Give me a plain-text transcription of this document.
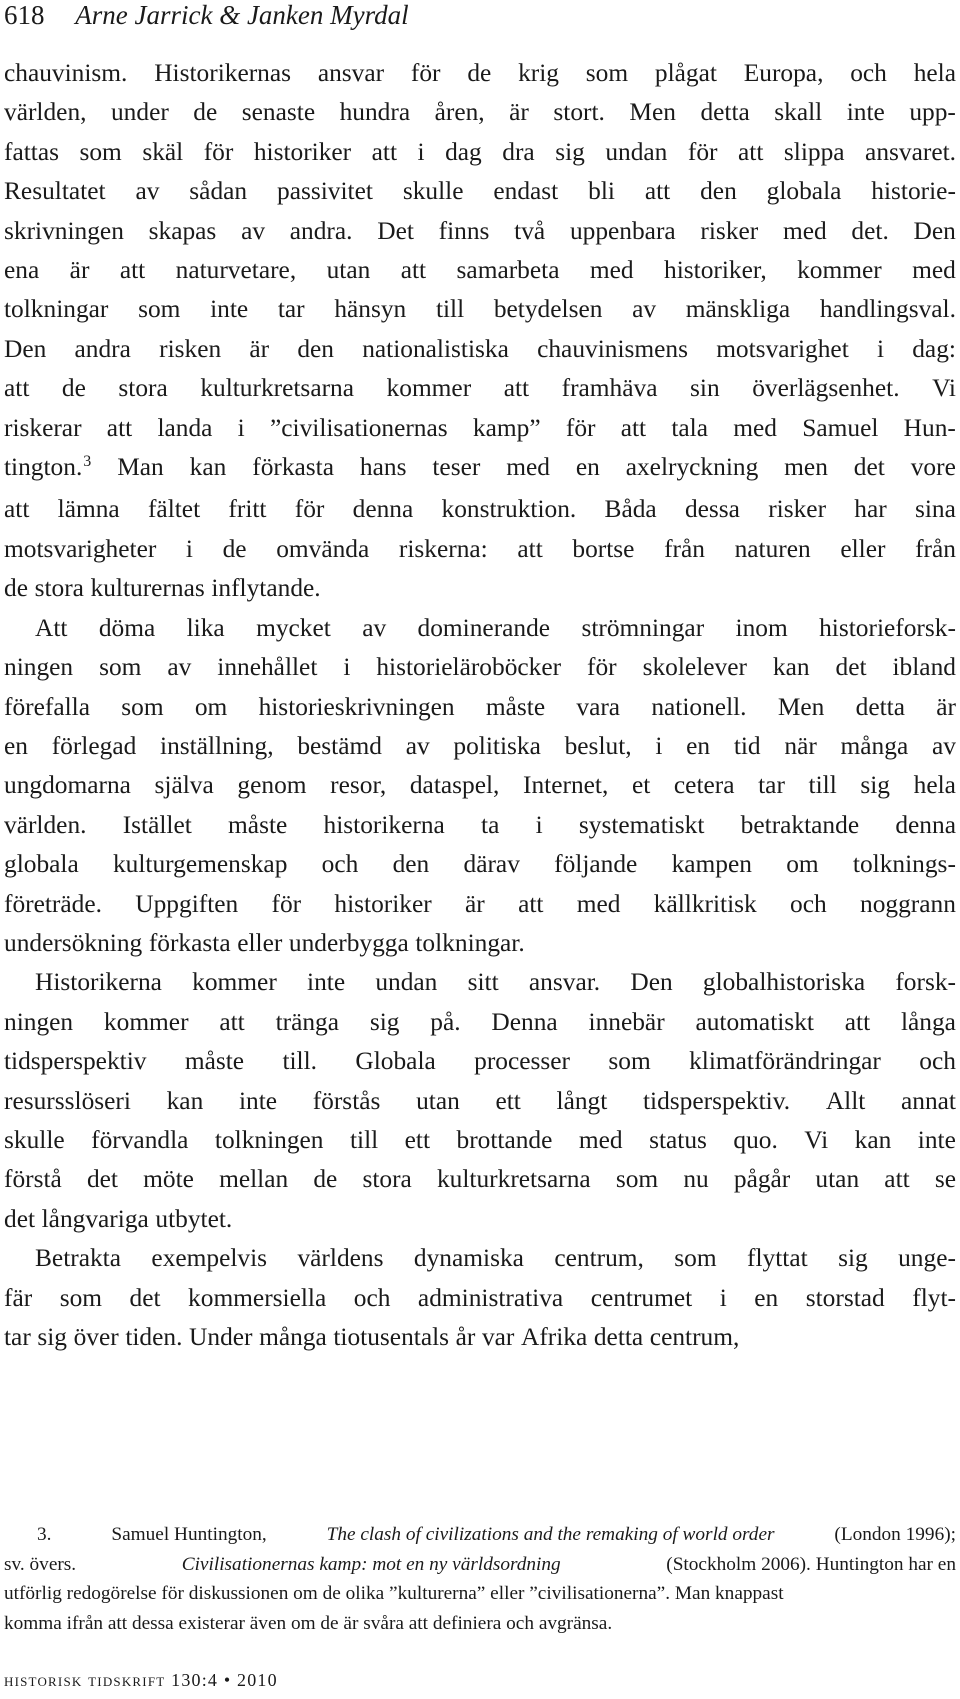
618 Arne Jarrick & Janken Myrdal
chauvinism. Historikernas ansvar för de krig som plågat Europa, och hela
världen, under de senaste hundra åren, är stort. Men detta skall inte upp-
fattas som skäl för historiker att i dag dra sig undan för att slippa ansvaret.
Resultatet av sådan passivitet skulle endast bli att den globala historie-
skrivningen skapas av andra. Det finns två uppenbara risker med det. Den
ena är att naturvetare, utan att samarbeta med historiker, kommer med
tolkningar som inte tar hänsyn till betydelsen av mänskliga handlingsval.
Den andra risken är den nationalistiska chauvinismens motsvarighet i dag:
att de stora kulturkretsarna kommer att framhäva sin överlägsenhet. Vi
riskerar att landa i ”civilisationernas kamp” för att tala med Samuel Hun-
tington.$^3$ Man kan förkasta hans teser med en axelryckning men det vore
att lämna fältet fritt för denna konstruktion. Båda dessa risker har sina
motsvarigheter i de omvända riskerna: att bortse från naturen eller från
de stora kulturernas inflytande.
Att döma lika mycket av dominerande strömningar inom historieforsk-
ningen som av innehållet i historieläroböcker för skolelever kan det ibland
förefalla som om historieskrivningen måste vara nationell. Men detta är
en förlegad inställning, bestämd av politiska beslut, i en tid när många av
ungdomarna själva genom resor, dataspel, Internet, et cetera tar till sig hela
världen. Istället måste historikerna ta i systematiskt betraktande denna
globala kulturgemenskap och den därav följande kampen om tolknings-
företräde. Uppgiften för historiker är att med källkritisk och noggrann
undersökning förkasta eller underbygga tolkningar.
Historikerna kommer inte undan sitt ansvar. Den globalhistoriska forsk-
ningen kommer att tränga sig på. Denna innebär automatiskt att långa
tidsperspektiv måste till. Globala processer som klimatförändringar och
resursslöseri kan inte förstås utan ett långt tidsperspektiv. Allt annat
skulle förvandla tolkningen till ett brottande med status quo. Vi kan inte
förstå det möte mellan de stora kulturkretsarna som nu pågår utan att se
det långvariga utbytet.
Betrakta exempelvis världens dynamiska centrum, som flyttat sig unge-
fär som det kommersiella och administrativa centrumet i en storstad flyt-
tar sig över tiden. Under många tiotusentals år var Afrika detta centrum,
3.	Samuel Huntington,	The clash of civilizations and the remaking of world order	(London 1996);
sv. övers.	Civilisationernas kamp: mot en ny världsordning	(Stockholm 2006). Huntington har en
utförlig redogörelse för diskussionen om de olika ”kulturerna” eller ”civilisationerna”. Man knappast
komma ifrån att dessa existerar även om de är svåra att definiera och avgränsa.
historisk tidskrift 130:4 • 2010
